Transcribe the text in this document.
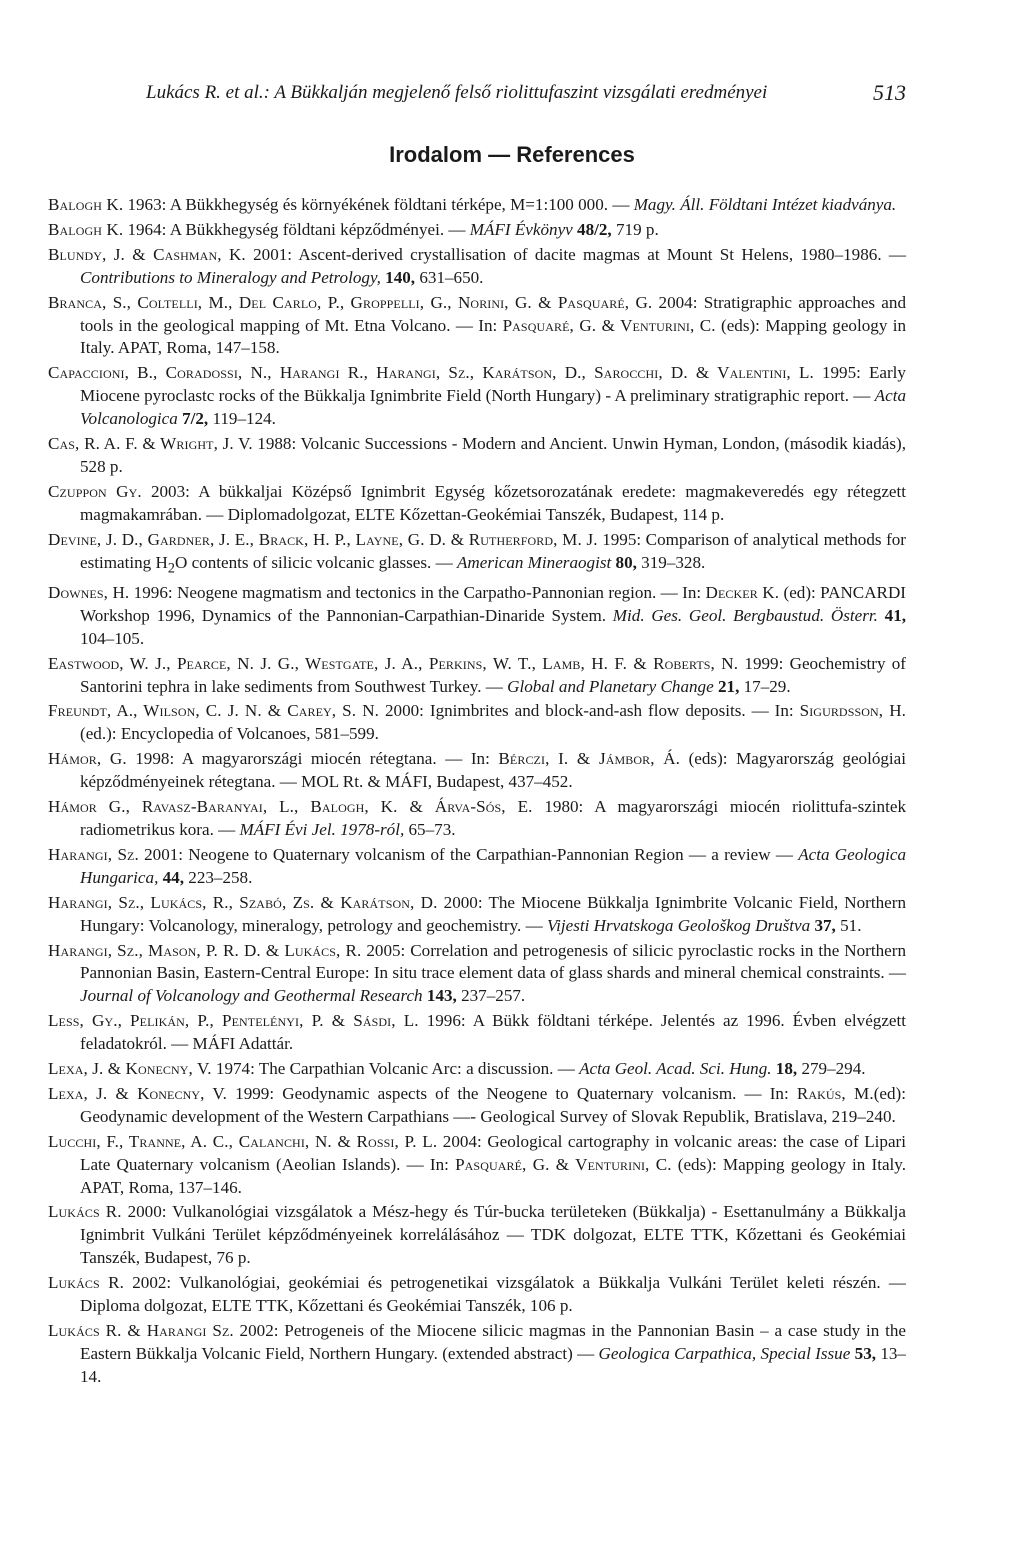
Lukács R. et al.: A Bükkalján megjelenő felső riolittufaszint vizsgálati eredményei	513
Irodalom — References

Balogh K. 1963: A Bükkhegység és környékének földtani térképe, M=1:100 000. — Magy. Áll. Földtani Intézet kiadványa.

Balogh K. 1964: A Bükkhegység földtani képződményei. — MÁFI Évkönyv 48/2, 719 p.

Blundy, J. & Cashman, K. 2001: Ascent-derived crystallisation of dacite magmas at Mount St Helens, 1980–1986. — Contributions to Mineralogy and Petrology, 140, 631–650.

Branca, S., Coltelli, M., Del Carlo, P., Groppelli, G., Norini, G. & Pasquaré, G. 2004: Stratigraphic approaches and tools in the geological mapping of Mt. Etna Volcano. — In: Pasquaré, G. & Venturini, C. (eds): Mapping geology in Italy. APAT, Roma, 147–158.

Capaccioni, B., Coradossi, N., Harangi R., Harangi, Sz., Karátson, D., Sarocchi, D. & Valentini, L. 1995: Early Miocene pyroclastc rocks of the Bükkalja Ignimbrite Field (North Hungary) - A preliminary stratigraphic report. — Acta Volcanologica 7/2, 119–124.

Cas, R. A. F. & Wright, J. V. 1988: Volcanic Successions - Modern and Ancient. Unwin Hyman, London, (második kiadás), 528 p.

Czuppon Gy. 2003: A bükkaljai Középső Ignimbrit Egység kőzetsorozatának eredete: magmakeveredés egy rétegzett magmakamrában. — Diplomadolgozat, ELTE Kőzettan-Geokémiai Tanszék, Budapest, 114 p.

Devine, J. D., Gardner, J. E., Brack, H. P., Layne, G. D. & Rutherford, M. J. 1995: Comparison of analytical methods for estimating $H_2O$ contents of silicic volcanic glasses. — American Mineraogist 80, 319–328.

Downes, H. 1996: Neogene magmatism and tectonics in the Carpatho-Pannonian region. — In: Decker K. (ed): PANCARDI Workshop 1996, Dynamics of the Pannonian-Carpathian-Dinaride System. Mid. Ges. Geol. Bergbaustud. Österr. 41, 104–105.

Eastwood, W. J., Pearce, N. J. G., Westgate, J. A., Perkins, W. T., Lamb, H. F. & Roberts, N. 1999: Geochemistry of Santorini tephra in lake sediments from Southwest Turkey. — Global and Planetary Change 21, 17–29.

Freundt, A., Wilson, C. J. N. & Carey, S. N. 2000: Ignimbrites and block-and-ash flow deposits. — In: Sigurdsson, H. (ed.): Encyclopedia of Volcanoes, 581–599.

Hámor, G. 1998: A magyarországi miocén rétegtana. — In: Bérczi, I. & Jámbor, Á. (eds): Magyarország geológiai képződményeinek rétegtana. — MOL Rt. & MÁFI, Budapest, 437–452.

Hámor G., Ravasz-Baranyai, L., Balogh, K. & Árva-Sós, E. 1980: A magyarországi miocén riolittufa-szintek radiometrikus kora. — MÁFI Évi Jel. 1978-ról, 65–73.

Harangi, Sz. 2001: Neogene to Quaternary volcanism of the Carpathian-Pannonian Region — a review — Acta Geologica Hungarica, 44, 223–258.

Harangi, Sz., Lukács, R., Szabó, Zs. & Karátson, D. 2000: The Miocene Bükkalja Ignimbrite Volcanic Field, Northern Hungary: Volcanology, mineralogy, petrology and geochemistry. — Vijesti Hrvatskoga Geološkog Društva 37, 51.

Harangi, Sz., Mason, P. R. D. & Lukács, R. 2005: Correlation and petrogenesis of silicic pyroclastic rocks in the Northern Pannonian Basin, Eastern-Central Europe: In situ trace element data of glass shards and mineral chemical constraints. — Journal of Volcanology and Geothermal Research 143, 237–257.

Less, Gy., Pelikán, P., Pentelényi, P. & Sásdi, L. 1996: A Bükk földtani térképe. Jelentés az 1996. Évben elvégzett feladatokról. — MÁFI Adattár.

Lexa, J. & Konecny, V. 1974: The Carpathian Volcanic Arc: a discussion. — Acta Geol. Acad. Sci. Hung. 18, 279–294.

Lexa, J. & Konecny, V. 1999: Geodynamic aspects of the Neogene to Quaternary volcanism. — In: Rakús, M.(ed): Geodynamic development of the Western Carpathians —- Geological Survey of Slovak Republik, Bratislava, 219–240.

Lucchi, F., Tranne, A. C., Calanchi, N. & Rossi, P. L. 2004: Geological cartography in volcanic areas: the case of Lipari Late Quaternary volcanism (Aeolian Islands). — In: Pasquaré, G. & Venturini, C. (eds): Mapping geology in Italy. APAT, Roma, 137–146.

Lukács R. 2000: Vulkanológiai vizsgálatok a Mész-hegy és Túr-bucka területeken (Bükkalja) - Esettanulmány a Bükkalja Ignimbrit Vulkáni Terület képződményeinek korrelálásához — TDK dolgozat, ELTE TTK, Kőzettani és Geokémiai Tanszék, Budapest, 76 p.

Lukács R. 2002: Vulkanológiai, geokémiai és petrogenetikai vizsgálatok a Bükkalja Vulkáni Terület keleti részén. — Diploma dolgozat, ELTE TTK, Kőzettani és Geokémiai Tanszék, 106 p.

Lukács R. & Harangi Sz. 2002: Petrogeneis of the Miocene silicic magmas in the Pannonian Basin – a case study in the Eastern Bükkalja Volcanic Field, Northern Hungary. (extended abstract) — Geologica Carpathica, Special Issue 53, 13–14.
